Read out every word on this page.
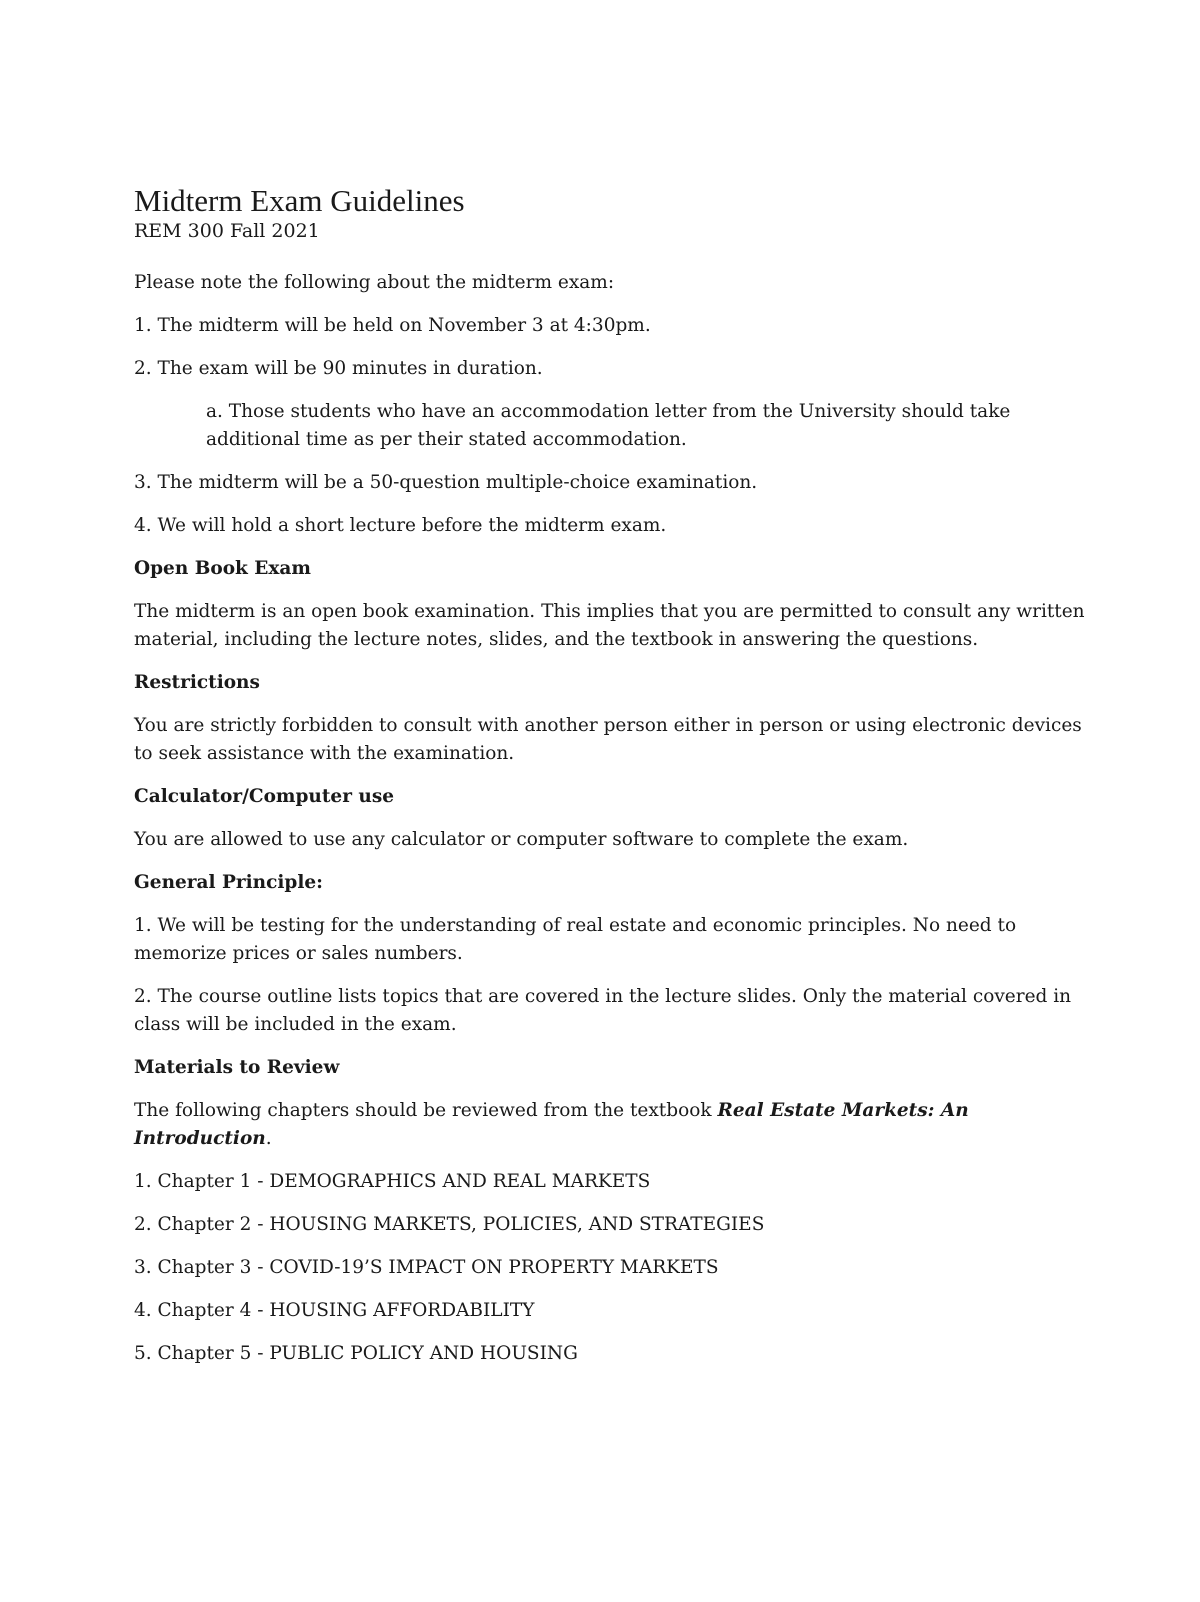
Midterm Exam Guidelines
REM 300 Fall 2021

Please note the following about the midterm exam:

1. The midterm will be held on November 3 at 4:30pm.

2. The exam will be 90 minutes in duration.

a. Those students who have an accommodation letter from the University should take additional time as per their stated accommodation.

3. The midterm will be a 50-question multiple-choice examination.

4. We will hold a short lecture before the midterm exam.

Open Book Exam

The midterm is an open book examination. This implies that you are permitted to consult any written material, including the lecture notes, slides, and the textbook in answering the questions.

Restrictions

You are strictly forbidden to consult with another person either in person or using electronic devices to seek assistance with the examination.

Calculator/Computer use

You are allowed to use any calculator or computer software to complete the exam.

General Principle:

1. We will be testing for the understanding of real estate and economic principles. No need to memorize prices or sales numbers.

2. The course outline lists topics that are covered in the lecture slides. Only the material covered in class will be included in the exam.

Materials to Review

The following chapters should be reviewed from the textbook Real Estate Markets: An Introduction.

1. Chapter 1 - DEMOGRAPHICS AND REAL MARKETS

2. Chapter 2 - HOUSING MARKETS, POLICIES, AND STRATEGIES

3. Chapter 3 - COVID-19’S IMPACT ON PROPERTY MARKETS

4. Chapter 4 - HOUSING AFFORDABILITY

5. Chapter 5 - PUBLIC POLICY AND HOUSING
